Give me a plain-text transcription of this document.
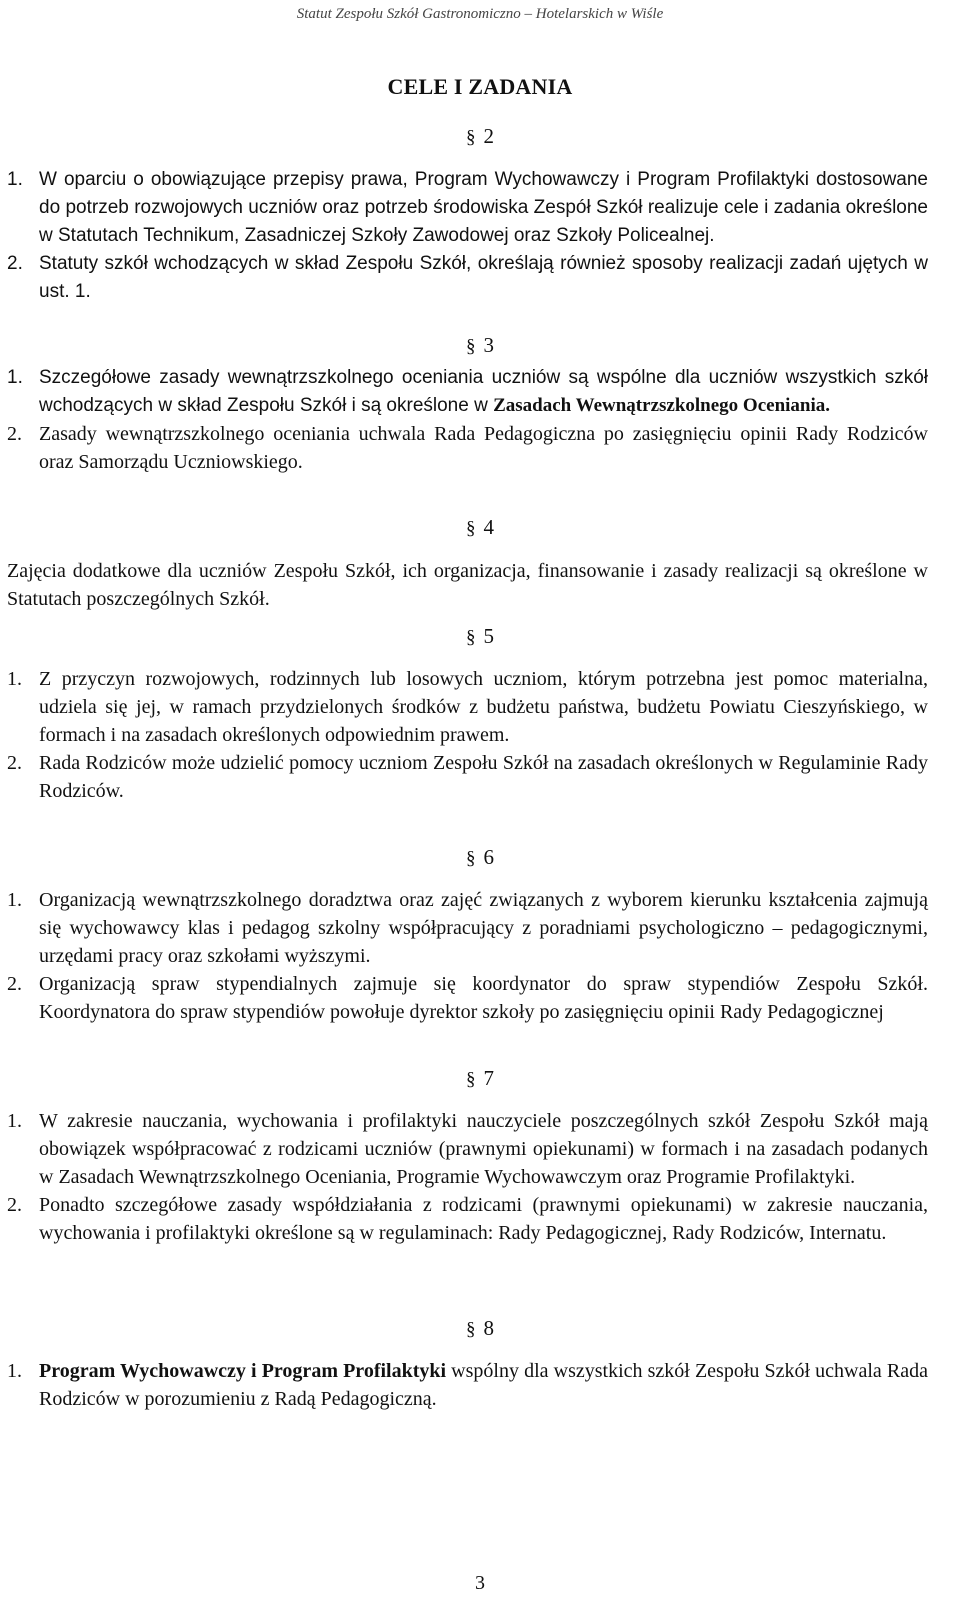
Statut Zespołu Szkół Gastronomiczno – Hotelarskich w Wiśle
CELE I ZADANIA
§ 2
1. W oparciu o obowiązujące przepisy prawa, Program Wychowawczy i Program Profilaktyki dostosowane do potrzeb rozwojowych uczniów oraz potrzeb środowiska Zespół Szkół realizuje cele i zadania określone w Statutach Technikum, Zasadniczej Szkoły Zawodowej oraz Szkoły Policealnej.
2. Statuty szkół wchodzących w skład Zespołu Szkół, określają również sposoby realizacji zadań ujętych w ust. 1.
§ 3
1. Szczegółowe zasady wewnątrzszkolnego oceniania uczniów są wspólne dla uczniów wszystkich szkół wchodzących w skład Zespołu Szkół i są określone w Zasadach Wewnątrzszkolnego Oceniania.
2. Zasady wewnątrzszkolnego oceniania uchwala Rada Pedagogiczna po zasięgnięciu opinii Rady Rodziców oraz Samorządu Uczniowskiego.
§ 4
Zajęcia dodatkowe dla uczniów Zespołu Szkół, ich organizacja, finansowanie i zasady realizacji są określone w Statutach poszczególnych Szkół.
§ 5
1. Z przyczyn rozwojowych, rodzinnych lub losowych uczniom, którym potrzebna jest pomoc materialna, udziela się jej, w ramach przydzielonych środków z budżetu państwa, budżetu Powiatu Cieszyńskiego, w formach i na zasadach określonych odpowiednim prawem.
2. Rada Rodziców może udzielić pomocy uczniom Zespołu Szkół na zasadach określonych w Regulaminie Rady Rodziców.
§ 6
1. Organizacją wewnątrzszkolnego doradztwa oraz zajęć związanych z wyborem kierunku kształcenia zajmują się wychowawcy klas i pedagog szkolny współpracujący z poradniami psychologiczno – pedagogicznymi, urzędami pracy oraz szkołami wyższymi.
2. Organizacją spraw stypendialnych zajmuje się koordynator do spraw stypendiów Zespołu Szkół. Koordynatora do spraw stypendiów powołuje dyrektor szkoły po zasięgnięciu opinii Rady Pedagogicznej
§ 7
1. W zakresie nauczania, wychowania i profilaktyki nauczyciele poszczególnych szkół Zespołu Szkół mają obowiązek współpracować z rodzicami uczniów (prawnymi opiekunami) w formach i na zasadach podanych w Zasadach Wewnątrzszkolnego Oceniania, Programie Wychowawczym oraz Programie Profilaktyki.
2. Ponadto szczegółowe zasady współdziałania z rodzicami (prawnymi opiekunami) w zakresie nauczania, wychowania i profilaktyki określone są w regulaminach: Rady Pedagogicznej, Rady Rodziców, Internatu.
§ 8
1. Program Wychowawczy i Program Profilaktyki wspólny dla wszystkich szkół Zespołu Szkół uchwala Rada Rodziców w porozumieniu z Radą Pedagogiczną.
3
